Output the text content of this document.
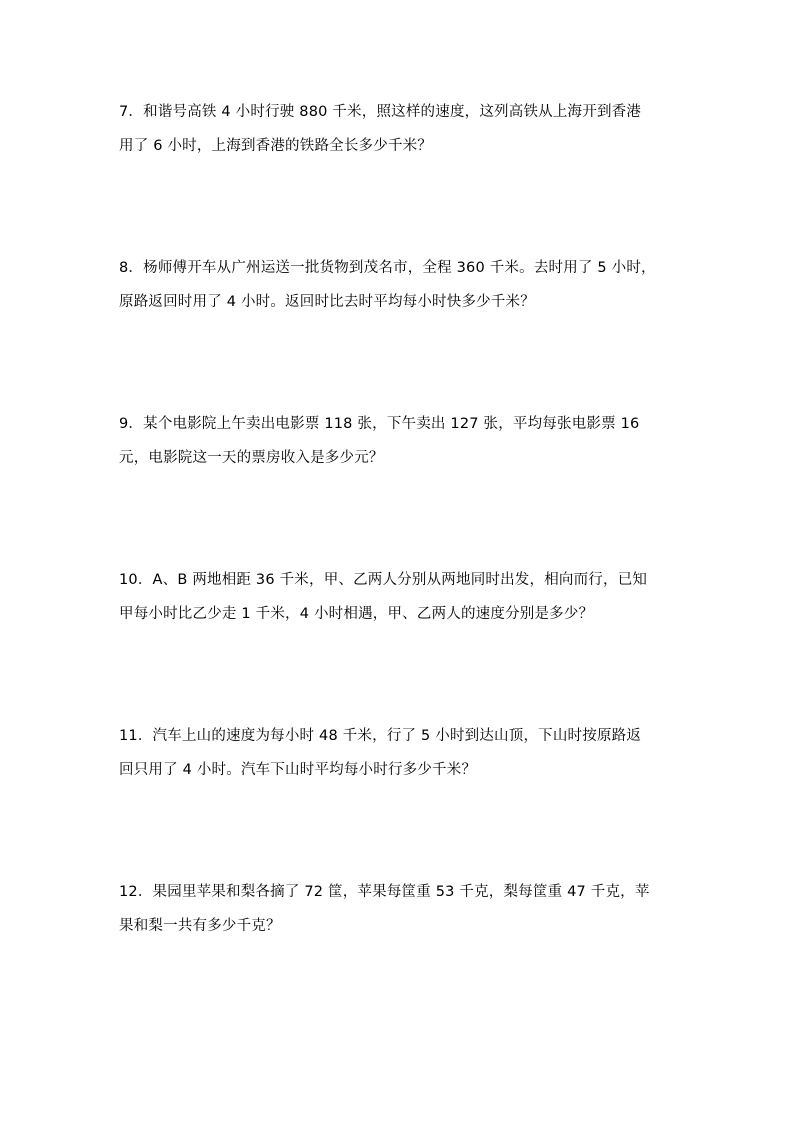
7．和谐号高铁 4 小时行驶 880 千米，照这样的速度，这列高铁从上海开到香港
用了 6 小时，上海到香港的铁路全长多少千米？
8．杨师傅开车从广州运送一批货物到茂名市，全程 360 千米。去时用了 5 小时，
原路返回时用了 4 小时。返回时比去时平均每小时快多少千米？
9．某个电影院上午卖出电影票 118 张，下午卖出 127 张，平均每张电影票 16
元，电影院这一天的票房收入是多少元？
10．A、B 两地相距 36 千米，甲、乙两人分别从两地同时出发，相向而行，已知
甲每小时比乙少走 1 千米，4 小时相遇，甲、乙两人的速度分别是多少？
11．汽车上山的速度为每小时 48 千米，行了 5 小时到达山顶，下山时按原路返
回只用了 4 小时。汽车下山时平均每小时行多少千米？
12．果园里苹果和梨各摘了 72 筐，苹果每筐重 53 千克，梨每筐重 47 千克，苹
果和梨一共有多少千克？
